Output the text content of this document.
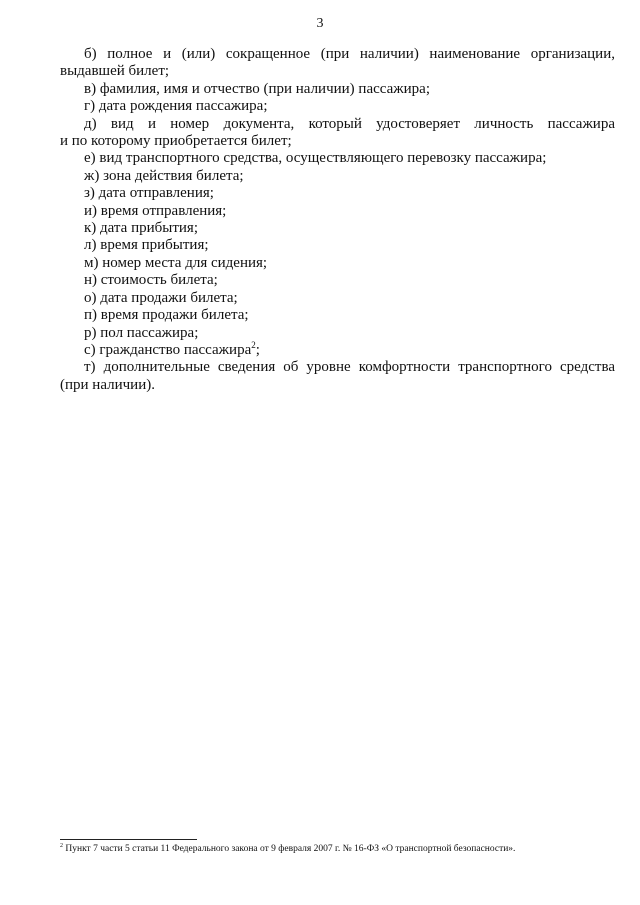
3

б) полное и (или) сокращенное (при наличии) наименование организации,

выдавшей билет;

в) фамилия, имя и отчество (при наличии) пассажира;

г) дата рождения пассажира;

д) вид и номер документа, который удостоверяет личность пассажира

и по которому приобретается билет;

е) вид транспортного средства, осуществляющего перевозку пассажира;

ж) зона действия билета;

з) дата отправления;

и) время отправления;

к) дата прибытия;

л) время прибытия;

м) номер места для сидения;

н) стоимость билета;

о) дата продажи билета;

п) время продажи билета;

р) пол пассажира;

с) гражданство пассажира$^2$;

т) дополнительные сведения об уровне комфортности транспортного средства

(при наличии).
$^2$ Пункт 7 части 5 статьи 11 Федерального закона от 9 февраля 2007 г. № 16-ФЗ «О транспортной безопасности».
